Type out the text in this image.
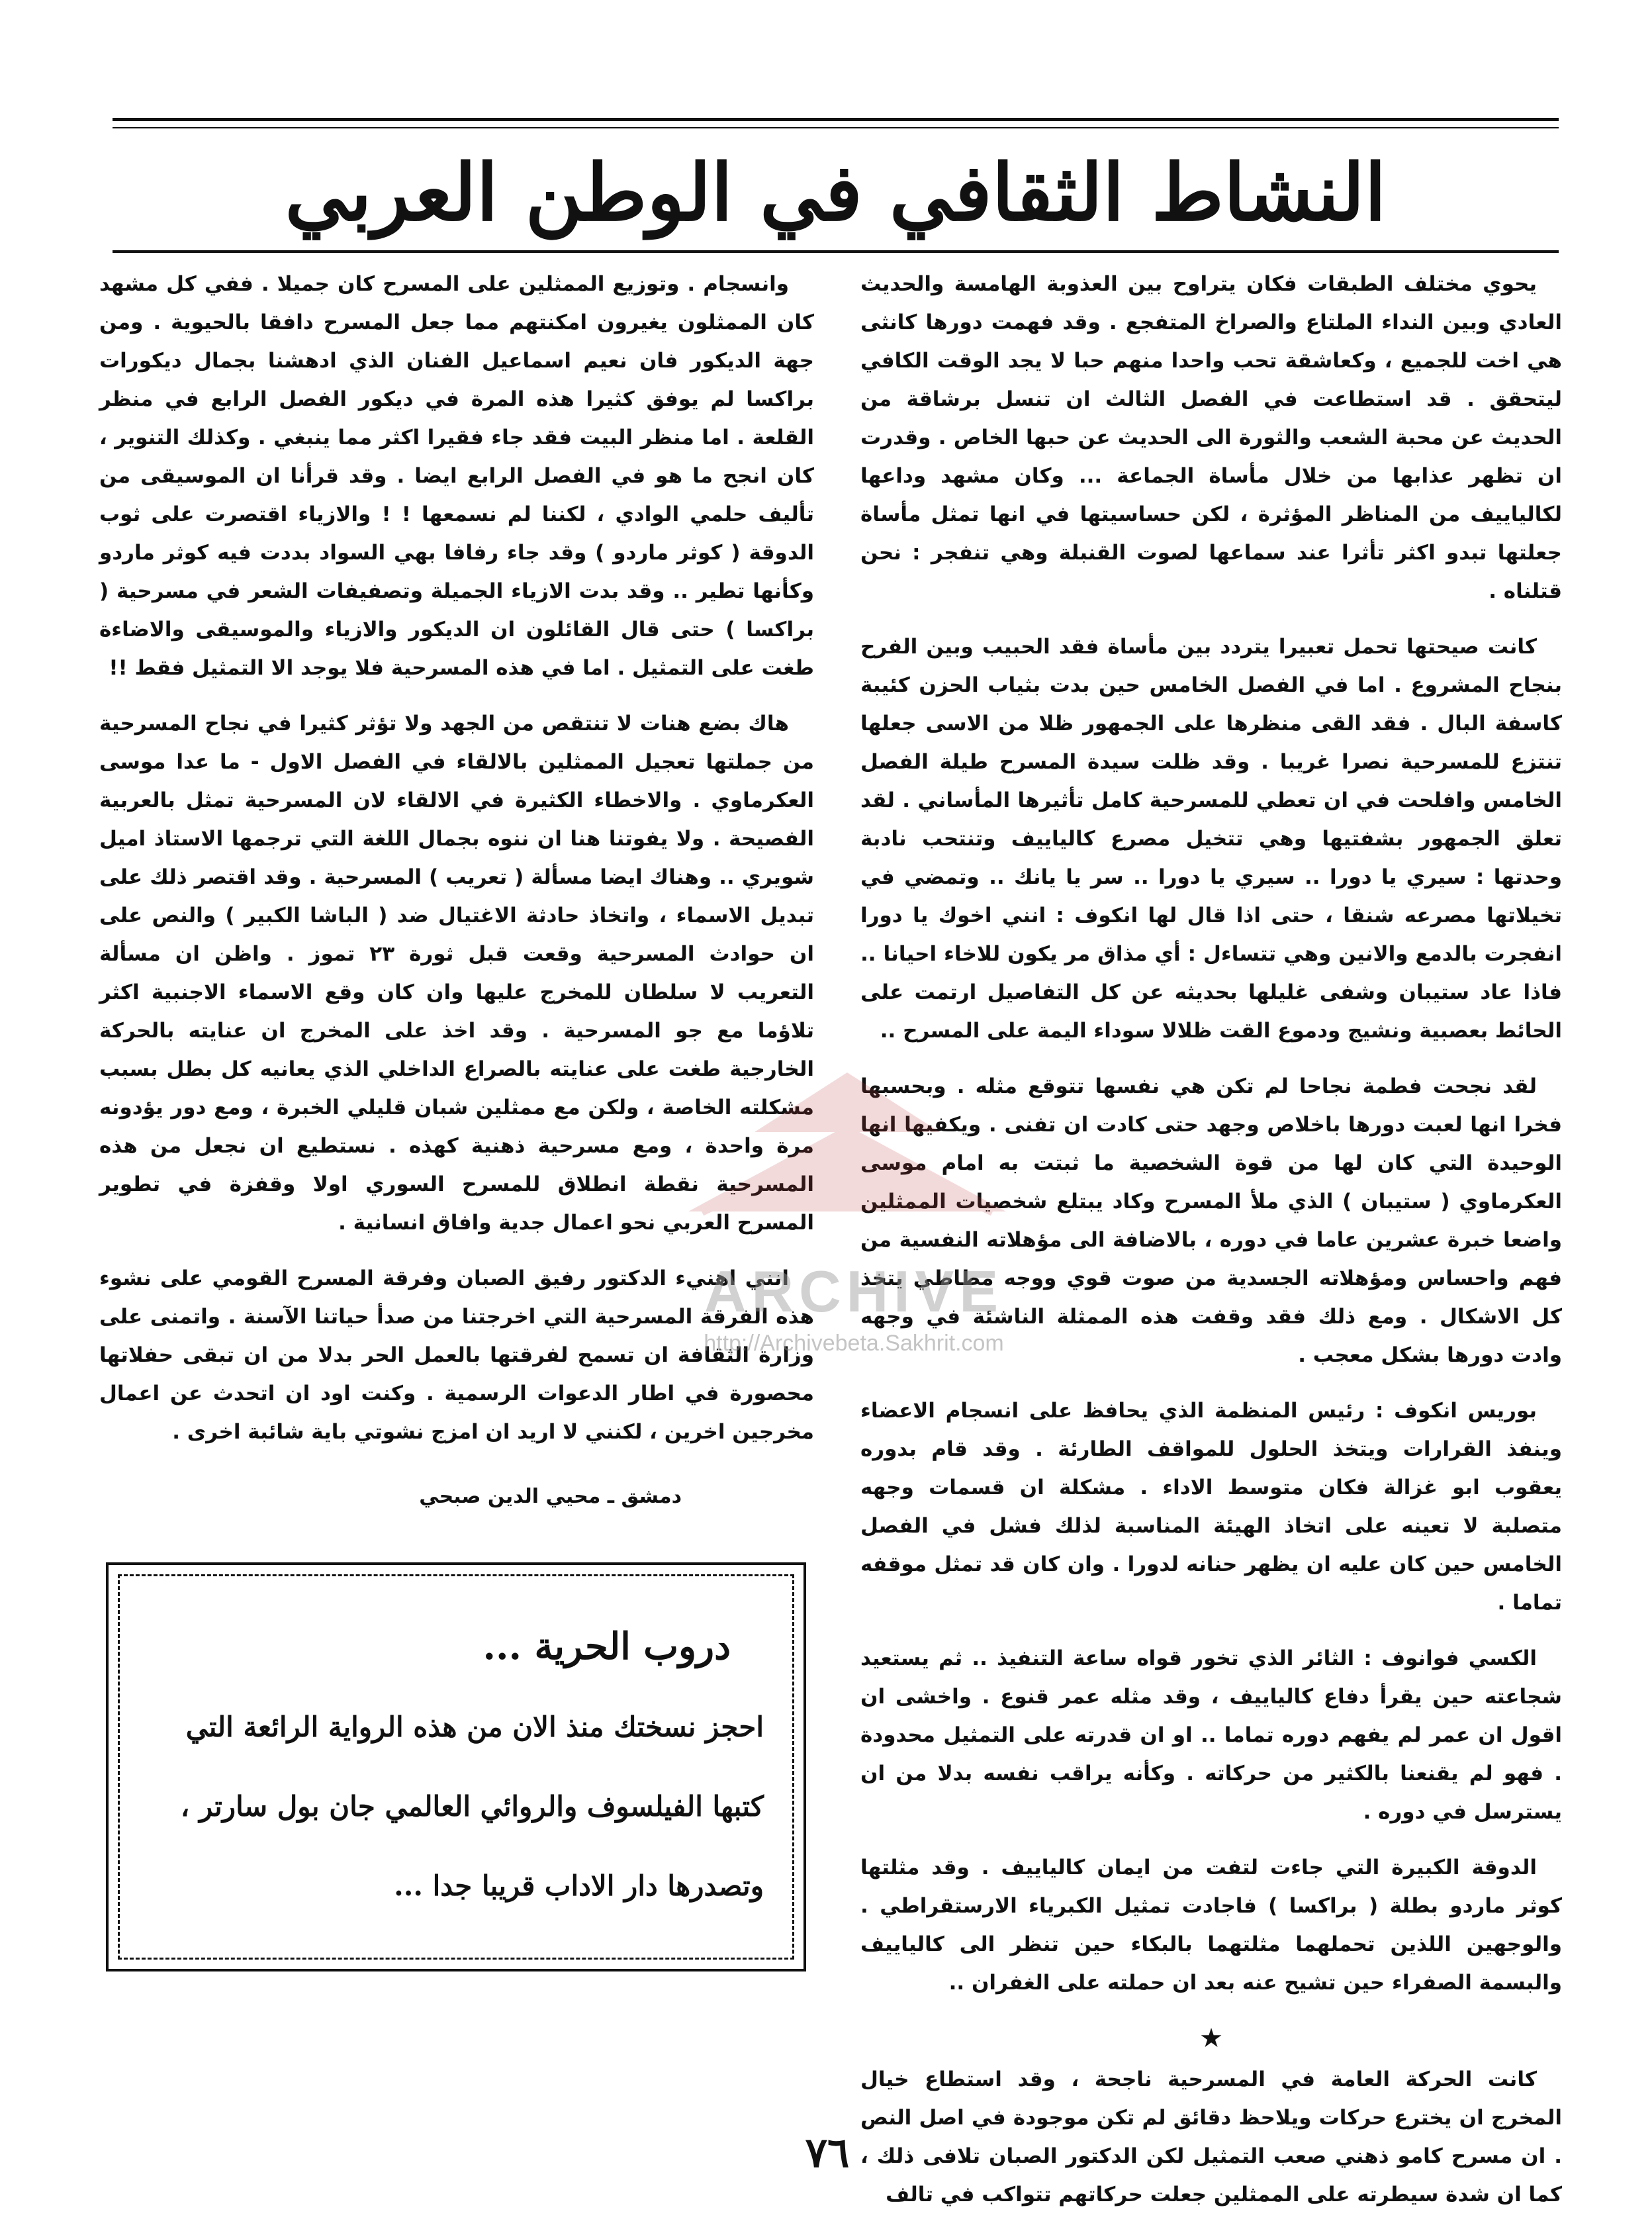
النشاط الثقافي في الوطن العربي

يحوي مختلف الطبقات فكان يتراوح بين العذوبة الهامسة والحديث العادي وبين النداء الملتاع والصراخ المتفجع . وقد فهمت دورها كانثى هي اخت للجميع ، وكعاشقة تحب واحدا منهم حبا لا يجد الوقت الكافي ليتحقق . قد استطاعت في الفصل الثالث ان تنسل برشاقة من الحديث عن محبة الشعب والثورة الى الحديث عن حبها الخاص . وقدرت ان تظهر عذابها من خلال مأساة الجماعة ... وكان مشهد وداعها لكالياييف من المناظر المؤثرة ، لكن حساسيتها في انها تمثل مأساة جعلتها تبدو اكثر تأثرا عند سماعها لصوت القنبلة وهي تنفجر : نحن قتلناه .

كانت صيحتها تحمل تعبيرا يتردد بين مأساة فقد الحبيب وبين الفرح بنجاح المشروع . اما في الفصل الخامس حين بدت بثياب الحزن كئيبة كاسفة البال . فقد القى منظرها على الجمهور ظلا من الاسى جعلها تنتزع للمسرحية نصرا غريبا . وقد ظلت سيدة المسرح طيلة الفصل الخامس وافلحت في ان تعطي للمسرحية كامل تأثيرها المأساني . لقد تعلق الجمهور بشفتيها وهي تتخيل مصرع كالياييف وتنتحب نادبة وحدتها : سيري يا دورا .. سيري يا دورا .. سر يا يانك .. وتمضي في تخيلاتها مصرعه شنقا ، حتى اذا قال لها انكوف : انني اخوك يا دورا انفجرت بالدمع والانين وهي تتساءل : أي مذاق مر يكون للاخاء احيانا .. فاذا عاد ستيبان وشفى غليلها بحديثه عن كل التفاصيل ارتمت على الحائط بعصبية ونشيج ودموع القت ظلالا سوداء اليمة على المسرح ..

لقد نجحت فطمة نجاحا لم تكن هي نفسها تتوقع مثله . وبحسبها فخرا انها لعبت دورها باخلاص وجهد حتى كادت ان تفنى . ويكفيها انها الوحيدة التي كان لها من قوة الشخصية ما ثبتت به امام موسى العكرماوي ( ستيبان ) الذي ملأ المسرح وكاد يبتلع شخصيات الممثلين واضعا خبرة عشرين عاما في دوره ، بالاضافة الى مؤهلاته النفسية من فهم واحساس ومؤهلاته الجسدية من صوت قوي ووجه مطاطي يتخذ كل الاشكال . ومع ذلك فقد وقفت هذه الممثلة الناشئة في وجهه وادت دورها بشكل معجب .

بوريس انكوف : رئيس المنظمة الذي يحافظ على انسجام الاعضاء وينفذ القرارات ويتخذ الحلول للمواقف الطارئة . وقد قام بدوره يعقوب ابو غزالة فكان متوسط الاداء . مشكلة ان قسمات وجهه متصلبة لا تعينه على اتخاذ الهيئة المناسبة لذلك فشل في الفصل الخامس حين كان عليه ان يظهر حنانه لدورا . وان كان قد تمثل موقفه تماما .

الكسي فوانوف : الثائر الذي تخور قواه ساعة التنفيذ .. ثم يستعيد شجاعته حين يقرأ دفاع كالياييف ، وقد مثله عمر قنوع . واخشى ان اقول ان عمر لم يفهم دوره تماما .. او ان قدرته على التمثيل محدودة . فهو لم يقنعنا بالكثير من حركاته . وكأنه يراقب نفسه بدلا من ان يسترسل في دوره .

الدوقة الكبيرة التي جاءت لتفت من ايمان كالياييف . وقد مثلتها كوثر ماردو بطلة ( براكسا ) فاجادت تمثيل الكبرياء الارستقراطي . والوجهين اللذين تحملهما مثلتهما بالبكاء حين تنظر الى كالياييف والبسمة الصفراء حين تشيح عنه بعد ان حملته على الغفران ..

★

كانت الحركة العامة في المسرحية ناجحة ، وقد استطاع خيال المخرج ان يخترع حركات ويلاحظ دقائق لم تكن موجودة في اصل النص . ان مسرح كامو ذهني صعب التمثيل لكن الدكتور الصبان تلافى ذلك ، كما ان شدة سيطرته على الممثلين جعلت حركاتهم تتواكب في تالف

وانسجام . وتوزيع الممثلين على المسرح كان جميلا . ففي كل مشهد كان الممثلون يغيرون امكنتهم مما جعل المسرح دافقا بالحيوية . ومن جهة الديكور فان نعيم اسماعيل الفنان الذي ادهشنا بجمال ديكورات براكسا لم يوفق كثيرا هذه المرة في ديكور الفصل الرابع في منظر القلعة . اما منظر البيت فقد جاء فقيرا اكثر مما ينبغي . وكذلك التنوير ، كان انجح ما هو في الفصل الرابع ايضا . وقد قرأنا ان الموسيقى من تأليف حلمي الوادي ، لكننا لم نسمعها ! ! والازياء اقتصرت على ثوب الدوقة ( كوثر ماردو ) وقد جاء رفافا بهي السواد بددت فيه كوثر ماردو وكأنها تطير .. وقد بدت الازياء الجميلة وتصفيفات الشعر في مسرحية ( براكسا ) حتى قال القائلون ان الديكور والازياء والموسيقى والاضاءة طغت على التمثيل . اما في هذه المسرحية فلا يوجد الا التمثيل فقط !!

هاك بضع هنات لا تنتقص من الجهد ولا تؤثر كثيرا في نجاح المسرحية من جملتها تعجيل الممثلين بالالقاء في الفصل الاول - ما عدا موسى العكرماوي . والاخطاء الكثيرة في الالقاء لان المسرحية تمثل بالعربية الفصيحة . ولا يفوتنا هنا ان ننوه بجمال اللغة التي ترجمها الاستاذ اميل شويري .. وهناك ايضا مسألة ( تعريب ) المسرحية . وقد اقتصر ذلك على تبديل الاسماء ، واتخاذ حادثة الاغتيال ضد ( الباشا الكبير ) والنص على ان حوادث المسرحية وقعت قبل ثورة ٢٣ تموز . واظن ان مسألة التعريب لا سلطان للمخرج عليها وان كان وقع الاسماء الاجنبية اكثر تلاؤما مع جو المسرحية . وقد اخذ على المخرج ان عنايته بالحركة الخارجية طغت على عنايته بالصراع الداخلي الذي يعانيه كل بطل بسبب مشكلته الخاصة ، ولكن مع ممثلين شبان قليلي الخبرة ، ومع دور يؤدونه مرة واحدة ، ومع مسرحية ذهنية كهذه . نستطيع ان نجعل من هذه المسرحية نقطة انطلاق للمسرح السوري اولا وقفزة في تطوير المسرح العربي نحو اعمال جدية وافاق انسانية .

انني اهنيء الدكتور رفيق الصبان وفرقة المسرح القومي على نشوء هذه الفرقة المسرحية التي اخرجتنا من صدأ حياتنا الآسنة . واتمنى على وزارة الثقافة ان تسمح لفرقتها بالعمل الحر بدلا من ان تبقى حفلاتها محصورة في اطار الدعوات الرسمية . وكنت اود ان اتحدث عن اعمال مخرجين اخرين ، لكنني لا اريد ان امزج نشوتي باية شائبة اخرى .

دمشق ـ محيي الدين صبحي

دروب الحرية ...
احجز نسختك منذ الان من هذه الرواية الرائعة التي
كتبها الفيلسوف والروائي العالمي جان بول سارتر ،
وتصدرها دار الاداب قريبا جدا ...
ARCHIVE
http://Archivebeta.Sakhrit.com
٧٦
